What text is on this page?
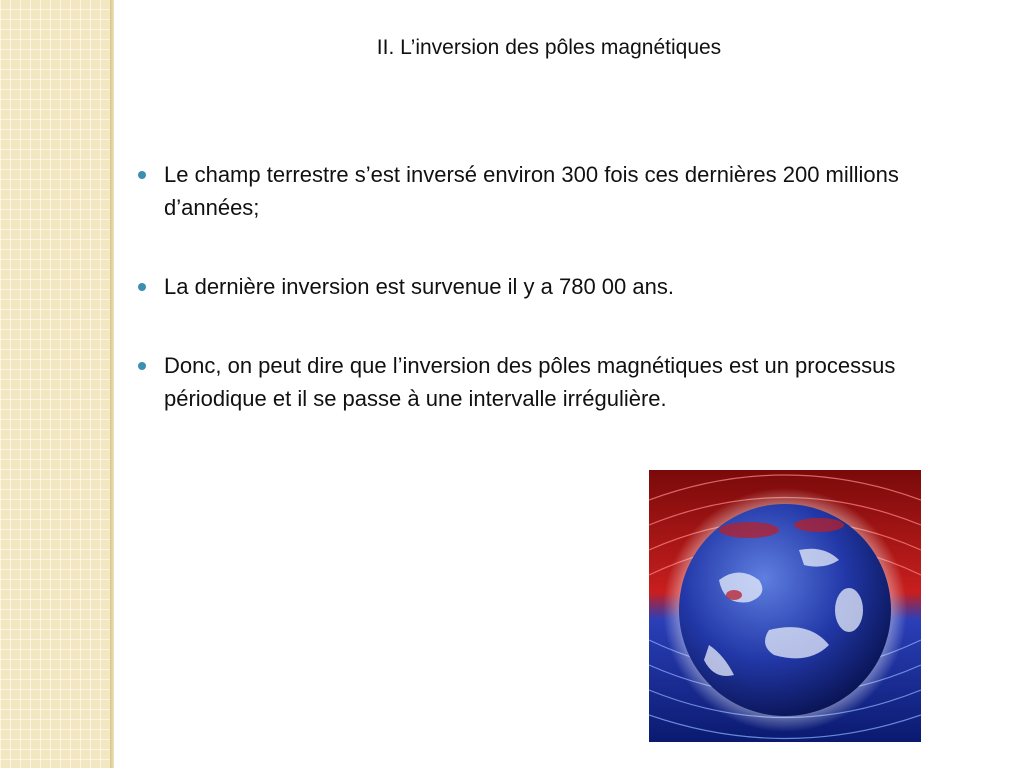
II. L’inversion des pôles magnétiques
Le champ terrestre s’est inversé environ 300 fois ces dernières 200 millions d’années;
La dernière inversion est survenue il y a 780 00 ans.
Donc, on peut dire que l’inversion des pôles magnétiques est un processus périodique et il se passe à une intervalle irrégulière.
